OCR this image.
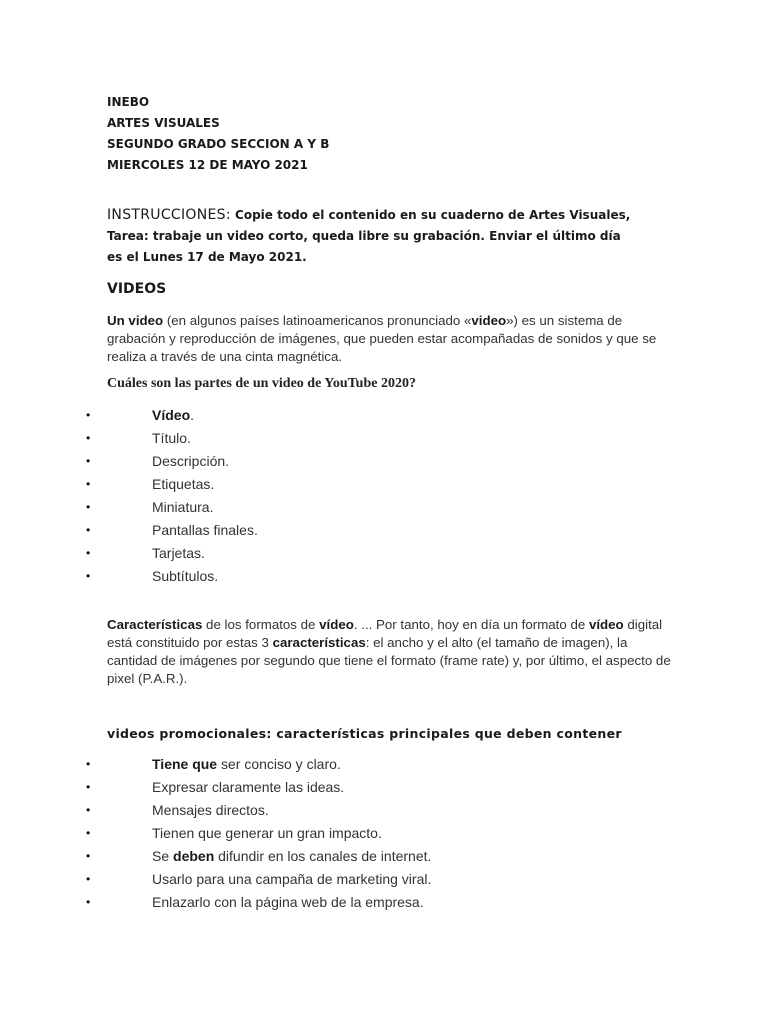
INEBO
ARTES VISUALES
SEGUNDO GRADO SECCION A Y B
MIERCOLES 12 DE MAYO 2021
INSTRUCCIONES: Copie todo el contenido en su cuaderno de Artes Visuales, Tarea: trabaje un video corto, queda libre su grabación. Enviar el último día es el Lunes 17 de Mayo 2021.
VIDEOS
Un video (en algunos países latinoamericanos pronunciado «video») es un sistema de grabación y reproducción de imágenes, que pueden estar acompañadas de sonidos y que se realiza a través de una cinta magnética.
Cuáles son las partes de un video de YouTube 2020?
•	Vídeo.
•	Título.
•	Descripción.
•	Etiquetas.
•	Miniatura.
•	Pantallas finales.
•	Tarjetas.
•	Subtítulos.
Características de los formatos de vídeo. ... Por tanto, hoy en día un formato de vídeo digital está constituido por estas 3 características: el ancho y el alto (el tamaño de imagen), la cantidad de imágenes por segundo que tiene el formato (frame rate) y, por último, el aspecto de pixel (P.A.R.).
videos promocionales: características principales que deben contener
•	Tiene que ser conciso y claro.
•	Expresar claramente las ideas.
•	Mensajes directos.
•	Tienen que generar un gran impacto.
•	Se deben difundir en los canales de internet.
•	Usarlo para una campaña de marketing viral.
•	Enlazarlo con la página web de la empresa.
